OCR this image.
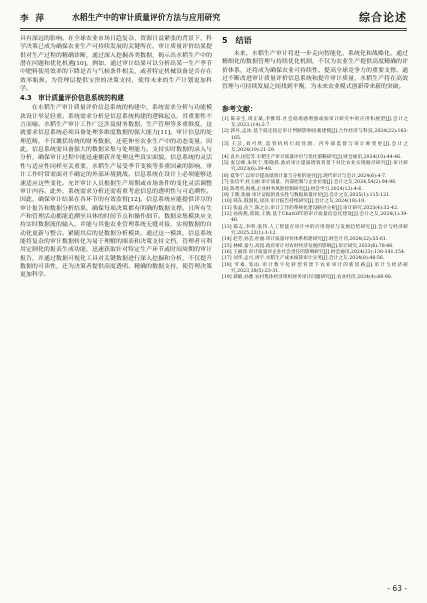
李 萍	水稻生产中的审计质量评价方法与应用研究	综合论述

具有深远的影响。在全球农业市场日趋复杂、资源日益紧张的背景下，科学决策已成为确保农业生产可持续发展的关键所在。审计质量评价结果提供对生产过程的精确诊断，通过深入挖掘各类数据，揭示出水稻生产中的潜在问题和优化机遇[10]。例如，通过审计结果可以分析出某一生产季节中肥料使用效率的下降是否与气候条件相关，或者特定机械设备是否存在效率瓶颈。为管理层提供宝贵的决策支持，使得未来的生产计划更加科学。

4.3　审计质量评价信息系统的构建

在水稻生产审计质量评价信息系统的构建中，系统需求分析与功能模块设计举足轻重。系统需求分析是信息系统构建的逻辑起点，其重要性不言而喻。水稻生产审计工作广泛涉及财务数据、生产管理等多重维度，这就要求信息系统必须具备处理多维度数据的强大能力[11]。审计信息的处理范畴，不仅囊括传统的财务数据，还延伸至农业生产中的动态变量，因此，信息系统需具备强大的数据采集与处理能力。支持实时数据的录入与分析，确保审计过程中能迅速捕获并处理这些真实面貌。信息系统的灵活性与适应性同样至关重要，水稻生产易受季节变换等多重因素的影响，审计工作时常需面对不确定的外部环境挑战。信息系统在设计上必须能够迅速适应这些变化。允许审计人员根据生产周期或市场条件的变化灵活调整审计内容。此外，系统需求分析还需着重考虑信息的透明性与可追溯性。因此，确保审计结果在各环节的有效监督[12]。信息系统应能提供详尽的审计报告和数据分析结果，确保每项决策都有明确的数据支撑。且所有生产和管理活动都能追溯至具体的时间节点和操作细节。数据采集模块应支持实时数据流的输入，并能与其他农业管理系统无缝对接，实现数据的自动化更新与整合。紧随其后的是数据分析模块，通过这一模块，信息系统能将复杂的审计数据转化为易于理解的图表和决策支持文档，管理者可利用定制化的报表生成功能，迅速获取针对特定生产环节或时间周期的审计报告，并通过数据可视化工具对关键数据进行深入挖掘和分析，不仅提升数据的可读性，还为决策者提供高度透明、精确的数据支持，使管理决策更加科学。

5　结语

未来，水稻生产审计将进一步走向智能化、系统化和战略化。通过精细化的数据管理与持续优化机制，不仅为农业生产提供高度精确的评价体系，还将成为确保农业可持续性、提高全球竞争力的重要支撑。通过不断改进审计质量评价信息系统和提升审计质量，水稻生产将在高效管理与可持续发展之间找到平衡，为未来农业模式创新带来新的突破。

参考文献：
[1] 陈宋生,周正斌,李雅琪.社会稳场感增强或加审计研究中的应用和展望[J].会计之友,2023,(14):2-7.
[2] 郭丹,孟冰.基于稳定指定审计判断影响因素建模[J].合作经济与科技,2024(22):163-165.
[3] 王芸,刘可欣,监管机构行政处理、内外部监督与审计师变更[J].会计之友,2024(19):21-29.
[4] 袁兵,国玺芳.水稻生产审计质量评价与优化策略研究[J].财会通讯,2024(10):44-46.
[5] 张汉峰,朱铁宁,柴晓晨.政府审计提质增效背景下对比农业实现路径研究[J].审计研究,2023(6):39-48.
[6] 夏冬宁.以审计提高绩效计量与分析的途径[J].现代审计与会计,2024(6):4-7.
[7] 张培平,杜玉丽.审计质量、内部控制与企业价值[J].会计之友,2024,54(2):94-96.
[8] 陈秀英,海燕.企业财务风险控制研究[J].财会学习,2024(12):4-6.
[9] 王敬,张丽.审计证据的真实性与数据质量评价[J].会计之友,2025(1):115-121.
[10] 韩东,殷润民,徐萍.审计报告持续研究[J].会计之友,2024(18):10.
[11] 张晶,伍兰,陈之岳.审计工作的系统化建设路径分析[J].审计研究,2023(4):32-42.
[12] 孙海燕,郑锦,王晓.基于ChatGPT的审计质量信息化建设[J].会计之友,2024(1):39-46.
[13] 陈志,李明,张伟.人工智能在审计中的应用现状与发展趋势研究[J].会计与经济研究,2025,22(1):1-12.
[14] 赵芳,孙芸,杜丽.审计质量评价体系构建研究[J].财会月刊,2024(22):55-61.
[15] 林峰,秦力,高超.政府审计对农村经济发展的影响[J].审计研究,2023(6):78-86.
[16] 王丽萍.审计质量对企业社会责任的影响研究[J].财会通讯,2024(23):138-141,154.
[17] 刘华,孟兴,周宇.水稻生产成本核算审计实务[J].会计之友,2024(8):48-56.
[18] 罗素,邹雨.审计数字化转型背景下农业审计的新思路[J].审计与经济研究,2023,38(5):23-31.
[19] 郝敏,孙雅.农村集体经济组织财务审计问题研究[J].农业经济,2024(4):88-90.
- 63 -
